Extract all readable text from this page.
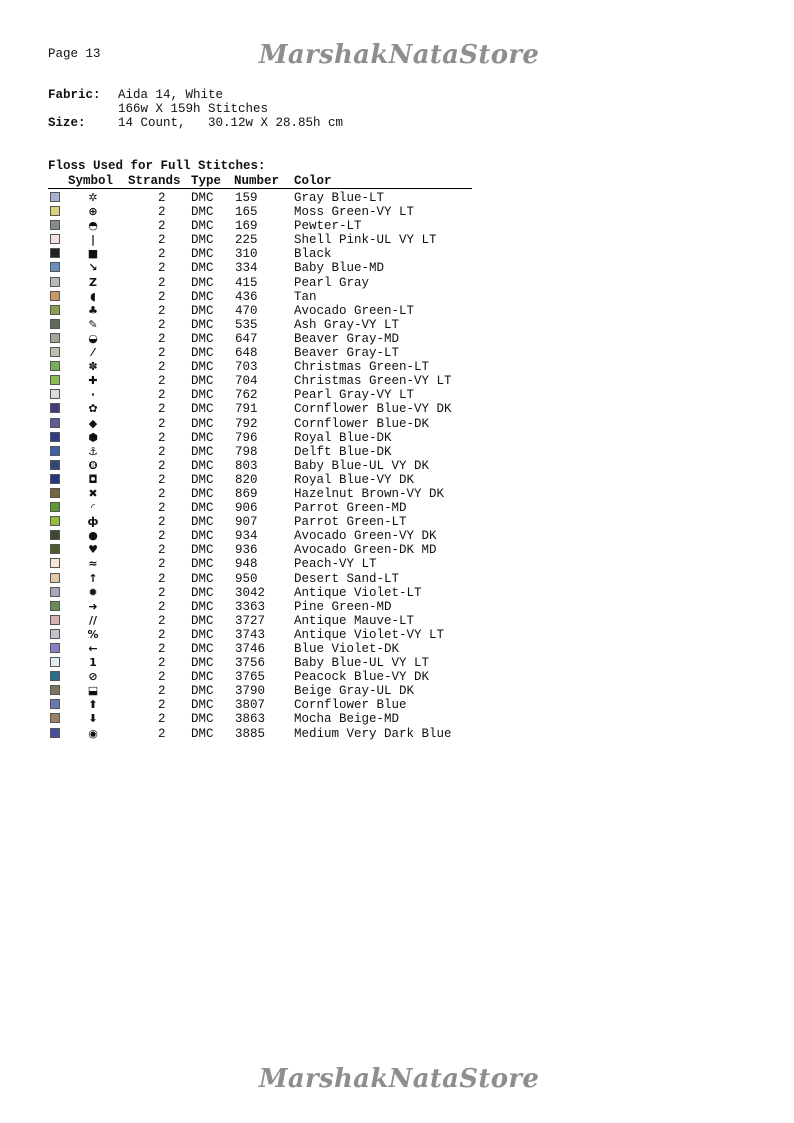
Page 13	MarshakNataStore
Fabric: Aida 14, White
166w X 159h Stitches
Size:	14 Count,   30.12w X 28.85h cm
Floss Used for Full Stitches:
Symbol Strands Type Number Color
✲	2 DMC 159	Gray Blue-LT
⊕	2 DMC 165	Moss Green-VY LT
◓	2 DMC 169	Pewter-LT
|	2 DMC 225	Shell Pink-UL VY LT
■	2 DMC 310	Black
↘	2 DMC 334	Baby Blue-MD
Z	2 DMC 415	Pearl Gray
◖	2 DMC 436	Tan
♣	2 DMC 470	Avocado Green-LT
✎	2 DMC 535	Ash Gray-VY LT
◒	2 DMC 647	Beaver Gray-MD
⁄	2 DMC 648	Beaver Gray-LT
✽	2 DMC 703	Christmas Green-LT
✚	2 DMC 704	Christmas Green-VY LT
·	2 DMC 762	Pearl Gray-VY LT
✿	2 DMC 791	Cornflower Blue-VY DK
◆	2 DMC 792	Cornflower Blue-DK
⬢	2 DMC 796	Royal Blue-DK
⚓	2 DMC 798	Delft Blue-DK
❽	2 DMC 803	Baby Blue-UL VY DK
◘	2 DMC 820	Royal Blue-VY DK
✖	2 DMC 869	Hazelnut Brown-VY DK
◜	2 DMC 906	Parrot Green-MD
ф	2 DMC 907	Parrot Green-LT
●	2 DMC 934	Avocado Green-VY DK
♥	2 DMC 936	Avocado Green-DK MD
≈	2 DMC 948	Peach-VY LT
↑	2 DMC 950	Desert Sand-LT
✹	2 DMC 3042 Antique Violet-LT
➜	2 DMC 3363 Pine Green-MD
//	2 DMC 3727 Antique Mauve-LT
%	2 DMC 3743 Antique Violet-VY LT
←	2 DMC 3746 Blue Violet-DK
1	2 DMC 3756 Baby Blue-UL VY LT
⊘	2 DMC 3765 Peacock Blue-VY DK
⬓	2 DMC 3790 Beige Gray-UL DK
⬆	2 DMC 3807 Cornflower Blue
⬇	2 DMC 3863 Mocha Beige-MD
◉	2 DMC 3885 Medium Very Dark Blue
MarshakNataStore
